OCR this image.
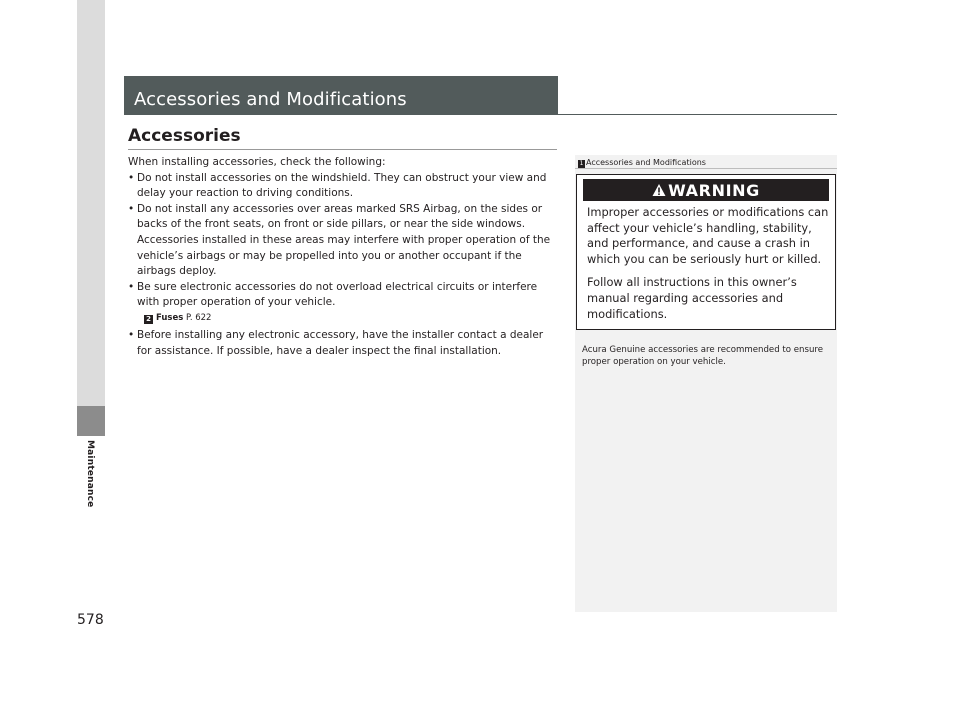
Maintenance
578
Accessories and Modifications
Accessories

When installing accessories, check the following:

• Do not install accessories on the windshield. They can obstruct your view and delay your reaction to driving conditions.
• Do not install any accessories over areas marked SRS Airbag, on the sides or backs of the front seats, on front or side pillars, or near the side windows. Accessories installed in these areas may interfere with proper operation of the vehicle’s airbags or may be propelled into you or another occupant if the airbags deploy.
• Be sure electronic accessories do not overload electrical circuits or interfere with proper operation of your vehicle.
2 Fuses P. 622
• Before installing any electronic accessory, have the installer contact a dealer for assistance. If possible, have a dealer inspect the final installation.
1 Accessories and Modifications
WARNING

Improper accessories or modifications can affect your vehicle’s handling, stability, and performance, and cause a crash in which you can be seriously hurt or killed.

Follow all instructions in this owner’s manual regarding accessories and modifications.

Acura Genuine accessories are recommended to ensure proper operation on your vehicle.
